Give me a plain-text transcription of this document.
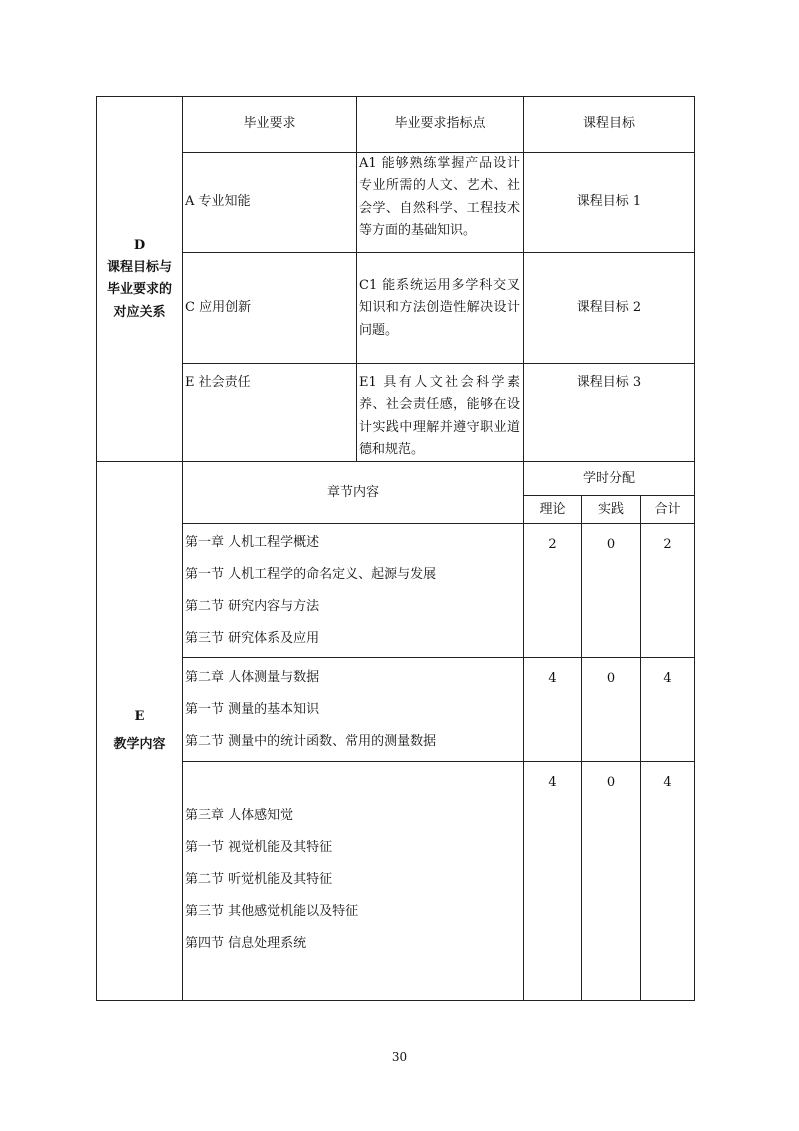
D
课程目标与
毕业要求的
对应关系	毕业要求	毕业要求指标点	课程目标		
	A 专业知能	A1 能够熟练掌握产品设计专业所需的人文、艺术、社会学、自然科学、工程技术等方面的基础知识。	课程目标 1		
	C 应用创新	C1 能系统运用多学科交叉知识和方法创造性解决设计问题。	课程目标 2		
	E 社会责任	E1 具有人文社会科学素养、社会责任感，能够在设计实践中理解并遵守职业道德和规范。	课程目标 3		

E
教学内容	章节内容		学时分配		
			理论	实践	合计

	第一章 人机工程学概述
第一节 人机工程学的命名定义、起源与发展
第二节 研究内容与方法
第三节 研究体系及应用		2	0	2

	第二章 人体测量与数据
第一节 测量的基本知识
第二节 测量中的统计函数、常用的测量数据		4	0	4

	第三章 人体感知觉
第一节 视觉机能及其特征
第二节 听觉机能及其特征
第三节 其他感觉机能以及特征
第四节 信息处理系统		4	0	4
30
